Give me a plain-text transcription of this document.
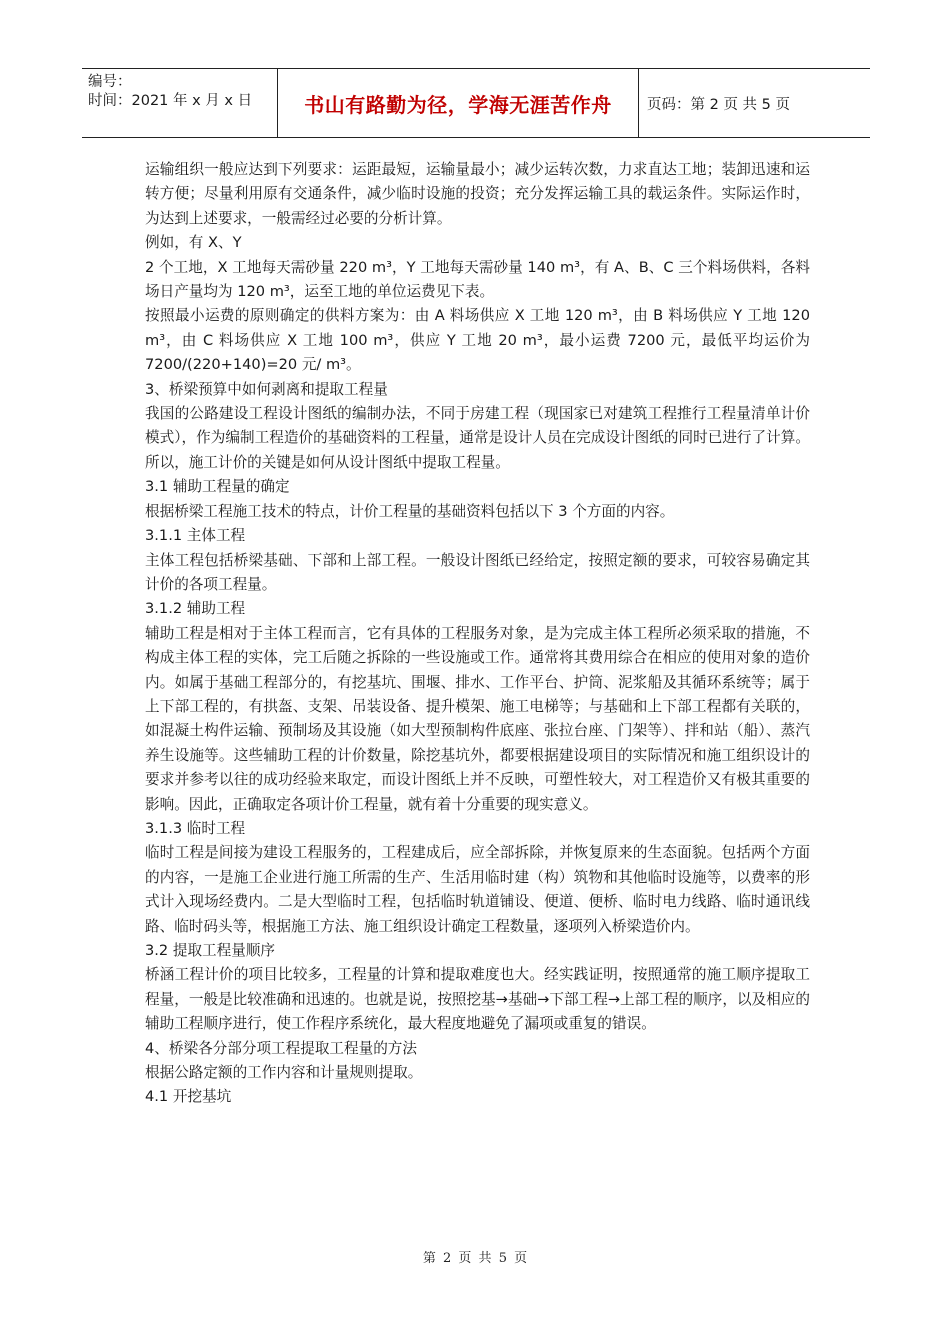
编号：
时间：2021 年 x 月 x 日	书山有路勤为径，学海无涯苦作舟	页码：第 2 页 共 5 页

运输组织一般应达到下列要求：运距最短，运输量最小；减少运转次数，力求直达工地；装卸迅速和运转方便；尽量利用原有交通条件，减少临时设施的投资；充分发挥运输工具的载运条件。实际运作时，为达到上述要求，一般需经过必要的分析计算。

例如，有 X、Y

2 个工地，X 工地每天需砂量 220 m³，Y 工地每天需砂量 140 m³，有 A、B、C 三个料场供料，各料场日产量均为 120 m³，运至工地的单位运费见下表。

按照最小运费的原则确定的供料方案为：由 A 料场供应 X 工地 120 m³，由 B 料场供应 Y 工地 120 m³，由 C 料场供应 X 工地 100 m³，供应 Y 工地 20 m³，最小运费 7200 元，最低平均运价为 7200/(220+140)=20 元/ m³。

3、桥梁预算中如何剥离和提取工程量

我国的公路建设工程设计图纸的编制办法，不同于房建工程（现国家已对建筑工程推行工程量清单计价模式），作为编制工程造价的基础资料的工程量，通常是设计人员在完成设计图纸的同时已进行了计算。所以，施工计价的关键是如何从设计图纸中提取工程量。

3.1 辅助工程量的确定

根据桥梁工程施工技术的特点，计价工程量的基础资料包括以下 3 个方面的内容。

3.1.1 主体工程

主体工程包括桥梁基础、下部和上部工程。一般设计图纸已经给定，按照定额的要求，可较容易确定其计价的各项工程量。

3.1.2 辅助工程

辅助工程是相对于主体工程而言，它有具体的工程服务对象，是为完成主体工程所必须采取的措施，不构成主体工程的实体，完工后随之拆除的一些设施或工作。通常将其费用综合在相应的使用对象的造价内。如属于基础工程部分的，有挖基坑、围堰、排水、工作平台、护筒、泥浆船及其循环系统等；属于上下部工程的，有拱盔、支架、吊装设备、提升模架、施工电梯等；与基础和上下部工程都有关联的，如混凝土构件运输、预制场及其设施（如大型预制构件底座、张拉台座、门架等）、拌和站（船）、蒸汽养生设施等。这些辅助工程的计价数量，除挖基坑外，都要根据建设项目的实际情况和施工组织设计的要求并参考以往的成功经验来取定，而设计图纸上并不反映，可塑性较大，对工程造价又有极其重要的影响。因此，正确取定各项计价工程量，就有着十分重要的现实意义。

3.1.3 临时工程

临时工程是间接为建设工程服务的，工程建成后，应全部拆除，并恢复原来的生态面貌。包括两个方面的内容，一是施工企业进行施工所需的生产、生活用临时建（构）筑物和其他临时设施等，以费率的形式计入现场经费内。二是大型临时工程，包括临时轨道铺设、便道、便桥、临时电力线路、临时通讯线路、临时码头等，根据施工方法、施工组织设计确定工程数量，逐项列入桥梁造价内。

3.2 提取工程量顺序

桥涵工程计价的项目比较多，工程量的计算和提取难度也大。经实践证明，按照通常的施工顺序提取工程量，一般是比较准确和迅速的。也就是说，按照挖基→基础→下部工程→上部工程的顺序，以及相应的辅助工程顺序进行，使工作程序系统化，最大程度地避免了漏项或重复的错误。

4、桥梁各分部分项工程提取工程量的方法

根据公路定额的工作内容和计量规则提取。

4.1 开挖基坑

第 2 页 共 5 页
